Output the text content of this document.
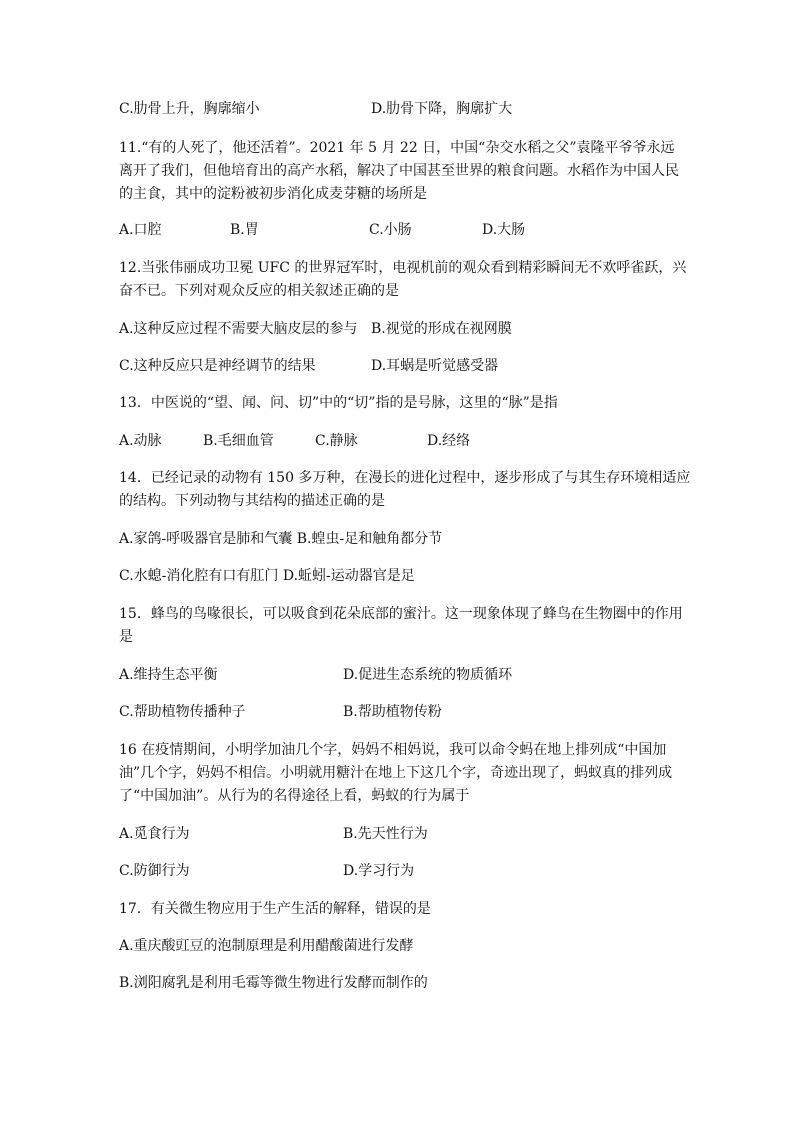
C.肋骨上升，胸廓缩小	D.肋骨下降，胸廓扩大
11.“有的人死了，他还活着”。2021 年 5 月 22 日，中国“杂交水稻之父”袁隆平爷爷永远
离开了我们，但他培育出的高产水稻，解决了中国甚至世界的粮食问题。水稻作为中国人民
的主食，其中的淀粉被初步消化成麦芽糖的场所是
A.口腔	B.胃	C.小肠	D.大肠
12.当张伟丽成功卫冕 UFC 的世界冠军时，电视机前的观众看到精彩瞬间无不欢呼雀跃，兴
奋不已。下列对观众反应的相关叙述正确的是
A.这种反应过程不需要大脑皮层的参与 B.视觉的形成在视网膜
C.这种反应只是神经调节的结果	D.耳蜗是听觉感受器
13．中医说的“望、闻、问、切”中的“切”指的是号脉，这里的“脉”是指
A.动脉	B.毛细血管	C.静脉	D.经络
14．已经记录的动物有 150 多万种，在漫长的进化过程中，逐步形成了与其生存环境相适应
的结构。下列动物与其结构的描述正确的是
A.家鸽-呼吸器官是肺和气囊 B.蝗虫-足和触角都分节
C.水螅-消化腔有口有肛门 D.蚯蚓-运动器官是足
15．蜂鸟的鸟喙很长，可以吸食到花朵底部的蜜汁。这一现象体现了蜂鸟在生物圈中的作用
是
A.维持生态平衡	D.促进生态系统的物质循环
C.帮助植物传播种子	B.帮助植物传粉
16 在疫情期间，小明学加油几个字，妈妈不相妈说，我可以命令蚂在地上排列成“中国加
油”几个字，妈妈不相信。小明就用糖汁在地上下这几个字，奇迹出现了，蚂蚁真的排列成
了“中国加油”。从行为的名得途径上看，蚂蚁的行为属于
A.觅食行为	B.先天性行为
C.防御行为	D.学习行为
17．有关微生物应用于生产生活的解释，错误的是
A.重庆酸豇豆的泡制原理是利用醋酸菌进行发酵
B.浏阳腐乳是利用毛霉等微生物进行发酵而制作的
